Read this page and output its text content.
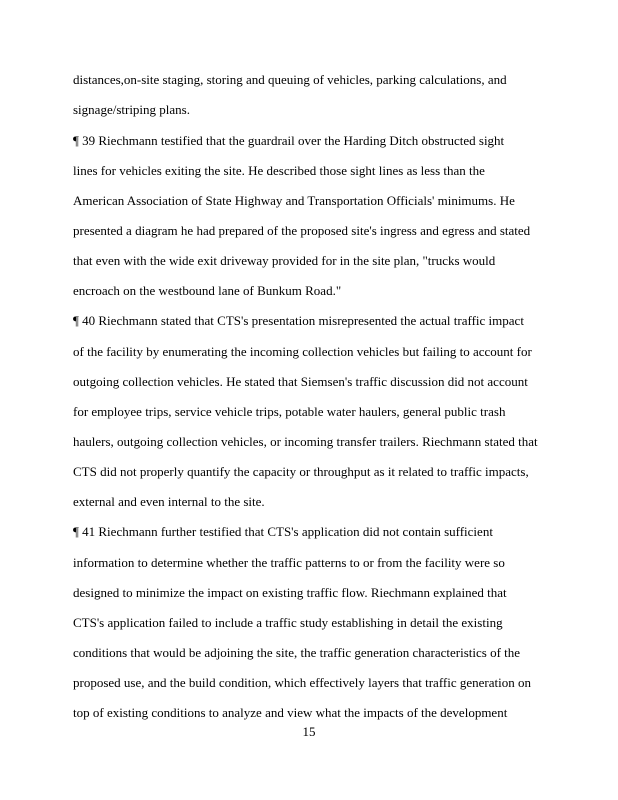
distances,on-site staging, storing and queuing of vehicles, parking calculations, and
signage/striping plans.
¶ 39 Riechmann testified that the guardrail over the Harding Ditch obstructed sight
lines for vehicles exiting the site. He described those sight lines as less than the
American Association of State Highway and Transportation Officials' minimums. He
presented a diagram he had prepared of the proposed site's ingress and egress and stated
that even with the wide exit driveway provided for in the site plan, "trucks would
encroach on the westbound lane of Bunkum Road."
¶ 40 Riechmann stated that CTS's presentation misrepresented the actual traffic impact
of the facility by enumerating the incoming collection vehicles but failing to account for
outgoing collection vehicles. He stated that Siemsen's traffic discussion did not account
for employee trips, service vehicle trips, potable water haulers, general public trash
haulers, outgoing collection vehicles, or incoming transfer trailers. Riechmann stated that
CTS did not properly quantify the capacity or throughput as it related to traffic impacts,
external and even internal to the site.
¶ 41 Riechmann further testified that CTS's application did not contain sufficient
information to determine whether the traffic patterns to or from the facility were so
designed to minimize the impact on existing traffic flow. Riechmann explained that
CTS's application failed to include a traffic study establishing in detail the existing
conditions that would be adjoining the site, the traffic generation characteristics of the
proposed use, and the build condition, which effectively layers that traffic generation on
top of existing conditions to analyze and view what the impacts of the development
15
